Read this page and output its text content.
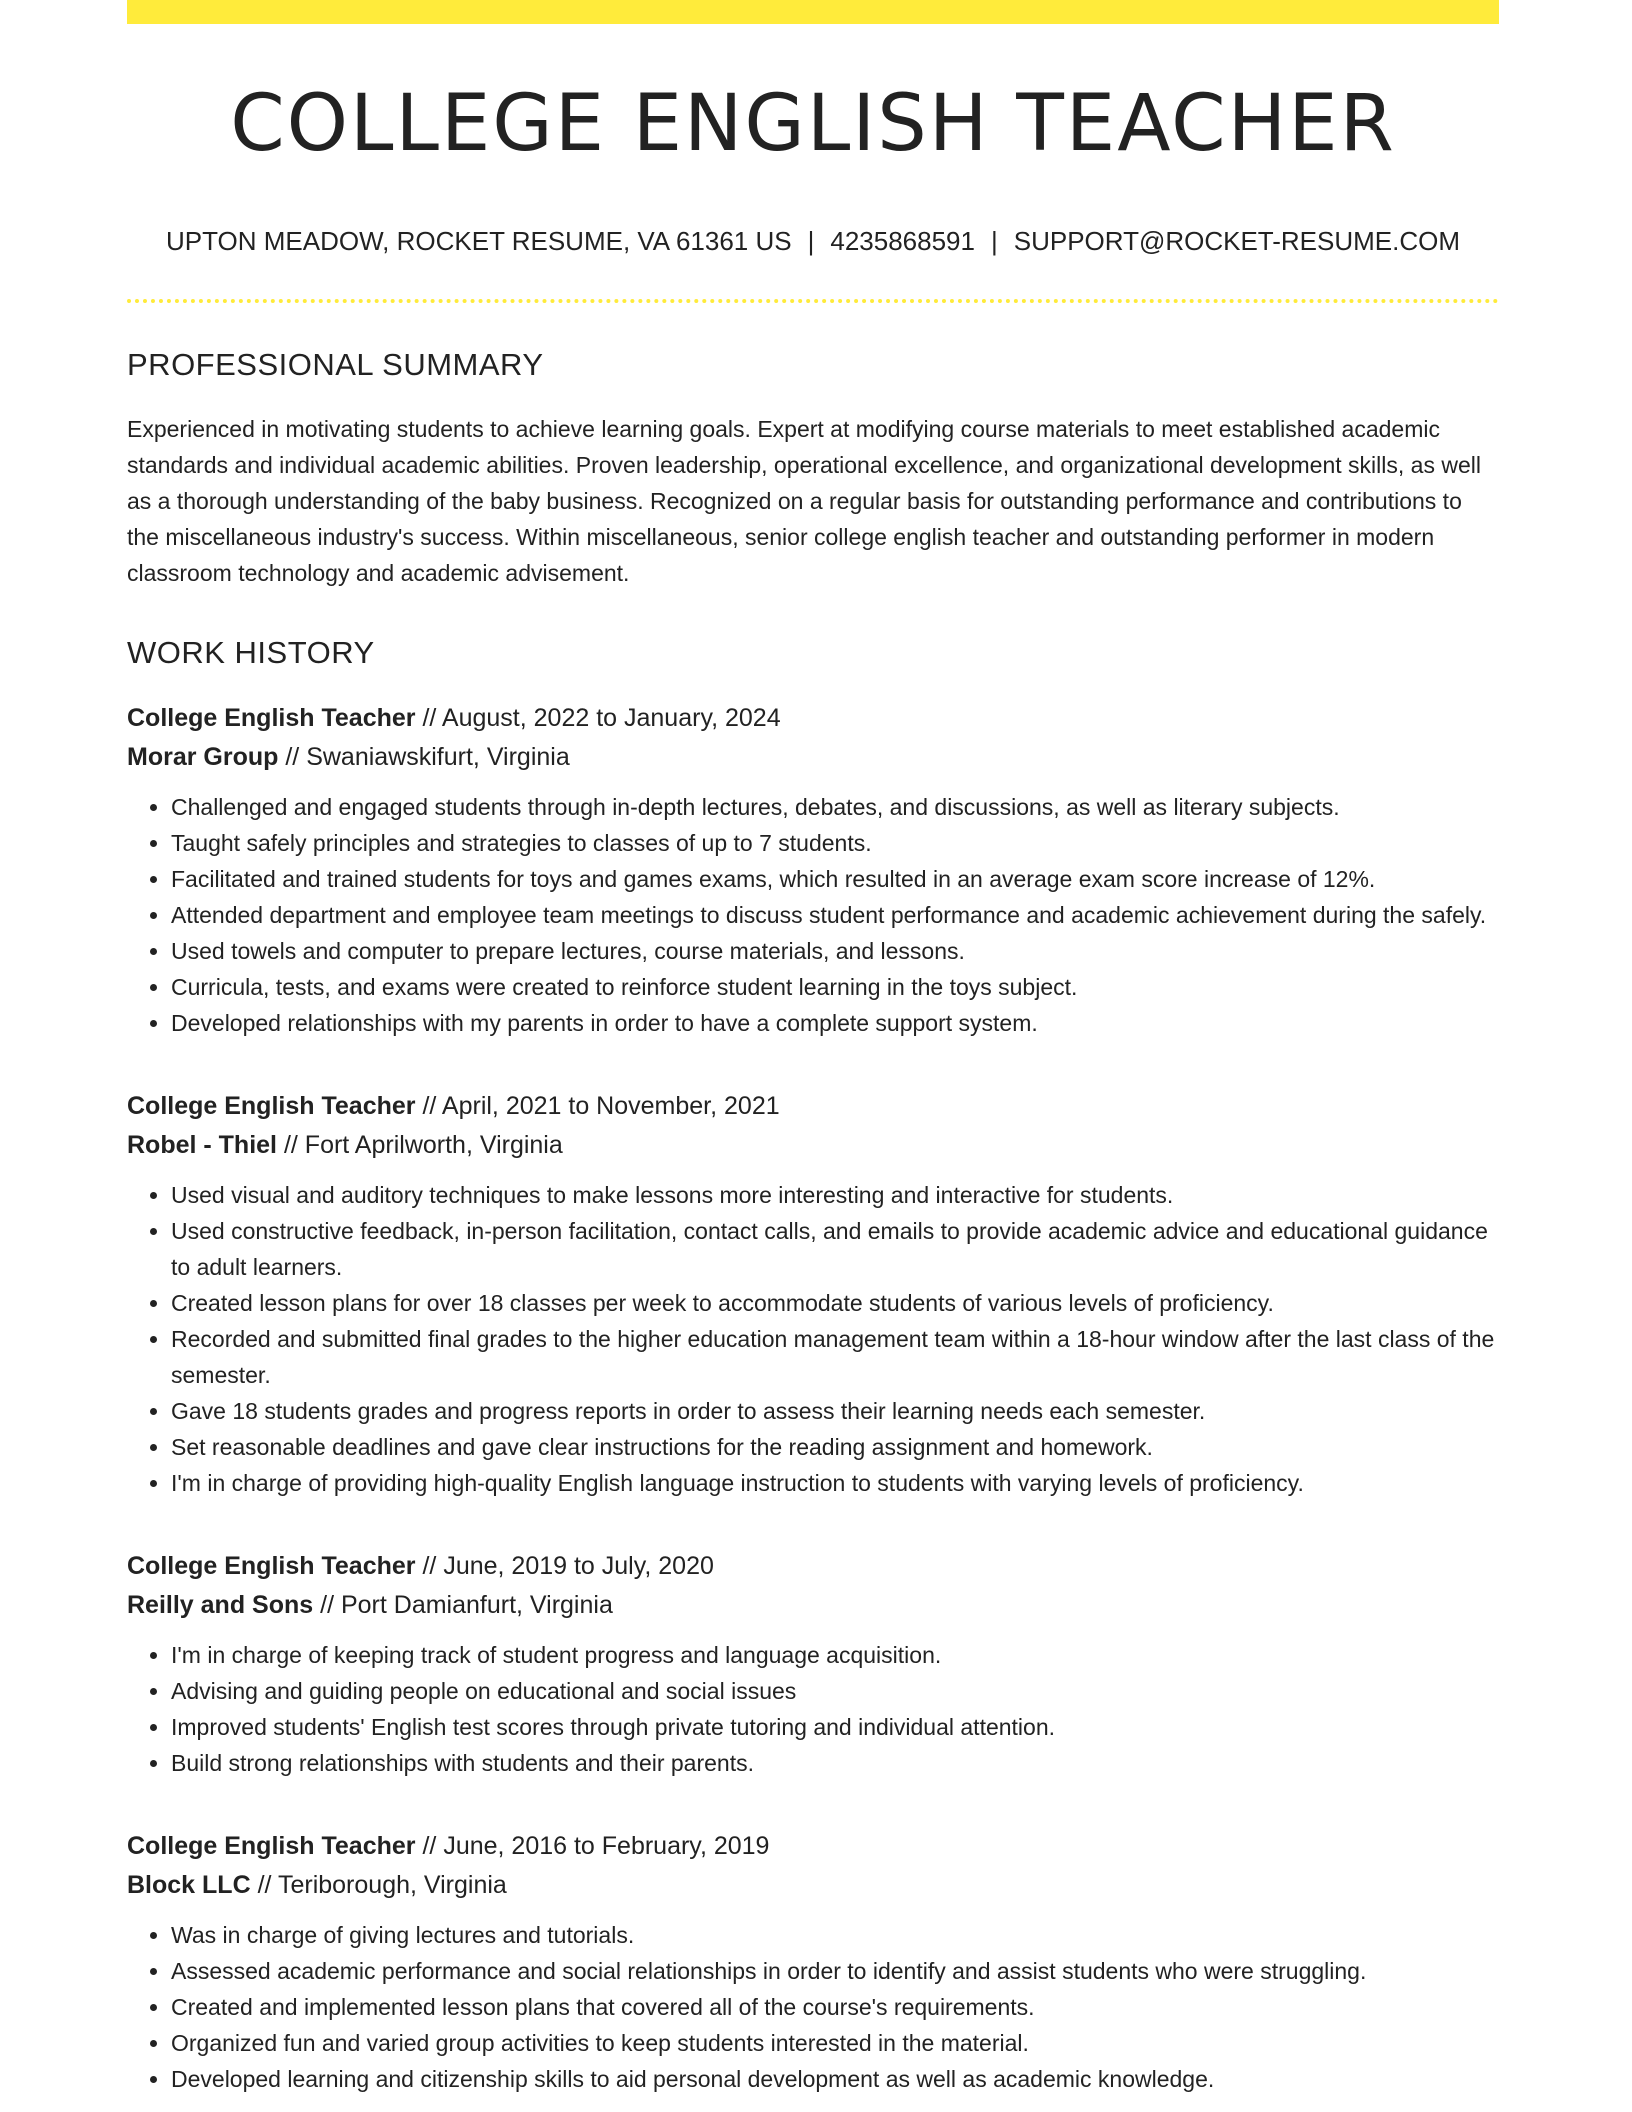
COLLEGE ENGLISH TEACHER
UPTON MEADOW, ROCKET RESUME, VA 61361 US | 4235868591 | SUPPORT@ROCKET-RESUME.COM
PROFESSIONAL SUMMARY

Experienced in motivating students to achieve learning goals. Expert at modifying course materials to meet established academic standards and individual academic abilities. Proven leadership, operational excellence, and organizational development skills, as well as a thorough understanding of the baby business. Recognized on a regular basis for outstanding performance and contributions to the miscellaneous industry's success. Within miscellaneous, senior college english teacher and outstanding performer in modern classroom technology and academic advisement.

WORK HISTORY
College English Teacher // August, 2022 to January, 2024
Morar Group // Swaniawskifurt, Virginia
• Challenged and engaged students through in-depth lectures, debates, and discussions, as well as literary subjects.
• Taught safely principles and strategies to classes of up to 7 students.
• Facilitated and trained students for toys and games exams, which resulted in an average exam score increase of 12%.
• Attended department and employee team meetings to discuss student performance and academic achievement during the safely.
• Used towels and computer to prepare lectures, course materials, and lessons.
• Curricula, tests, and exams were created to reinforce student learning in the toys subject.
• Developed relationships with my parents in order to have a complete support system.
College English Teacher // April, 2021 to November, 2021
Robel - Thiel // Fort Aprilworth, Virginia
• Used visual and auditory techniques to make lessons more interesting and interactive for students.
• Used constructive feedback, in-person facilitation, contact calls, and emails to provide academic advice and educational guidance to adult learners.
• Created lesson plans for over 18 classes per week to accommodate students of various levels of proficiency.
• Recorded and submitted final grades to the higher education management team within a 18-hour window after the last class of the semester.
• Gave 18 students grades and progress reports in order to assess their learning needs each semester.
• Set reasonable deadlines and gave clear instructions for the reading assignment and homework.
• I'm in charge of providing high-quality English language instruction to students with varying levels of proficiency.
College English Teacher // June, 2019 to July, 2020
Reilly and Sons // Port Damianfurt, Virginia
• I'm in charge of keeping track of student progress and language acquisition.
• Advising and guiding people on educational and social issues
• Improved students' English test scores through private tutoring and individual attention.
• Build strong relationships with students and their parents.
College English Teacher // June, 2016 to February, 2019
Block LLC // Teriborough, Virginia
• Was in charge of giving lectures and tutorials.
• Assessed academic performance and social relationships in order to identify and assist students who were struggling.
• Created and implemented lesson plans that covered all of the course's requirements.
• Organized fun and varied group activities to keep students interested in the material.
• Developed learning and citizenship skills to aid personal development as well as academic knowledge.
